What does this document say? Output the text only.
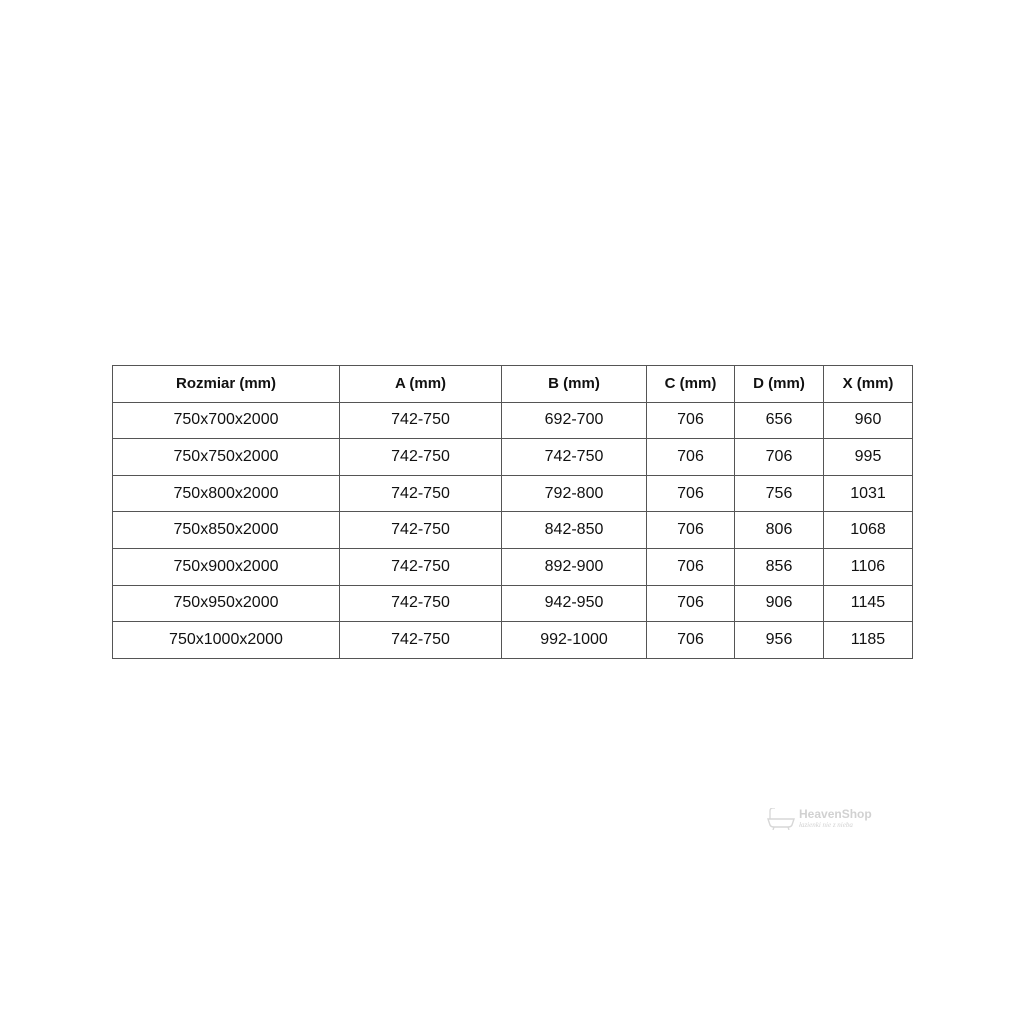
Rozmiar (mm)	A (mm)	B (mm)	C (mm)	D (mm)	X (mm)
750x700x2000	742-750	692-700	706	656	960
750x750x2000	742-750	742-750	706	706	995
750x800x2000	742-750	792-800	706	756	1031
750x850x2000	742-750	842-850	706	806	1068
750x900x2000	742-750	892-900	706	856	1106
750x950x2000	742-750	942-950	706	906	1145
750x1000x2000	742-750	992-1000	706	956	1185
HeavenShop
łazienki nie z nieba
